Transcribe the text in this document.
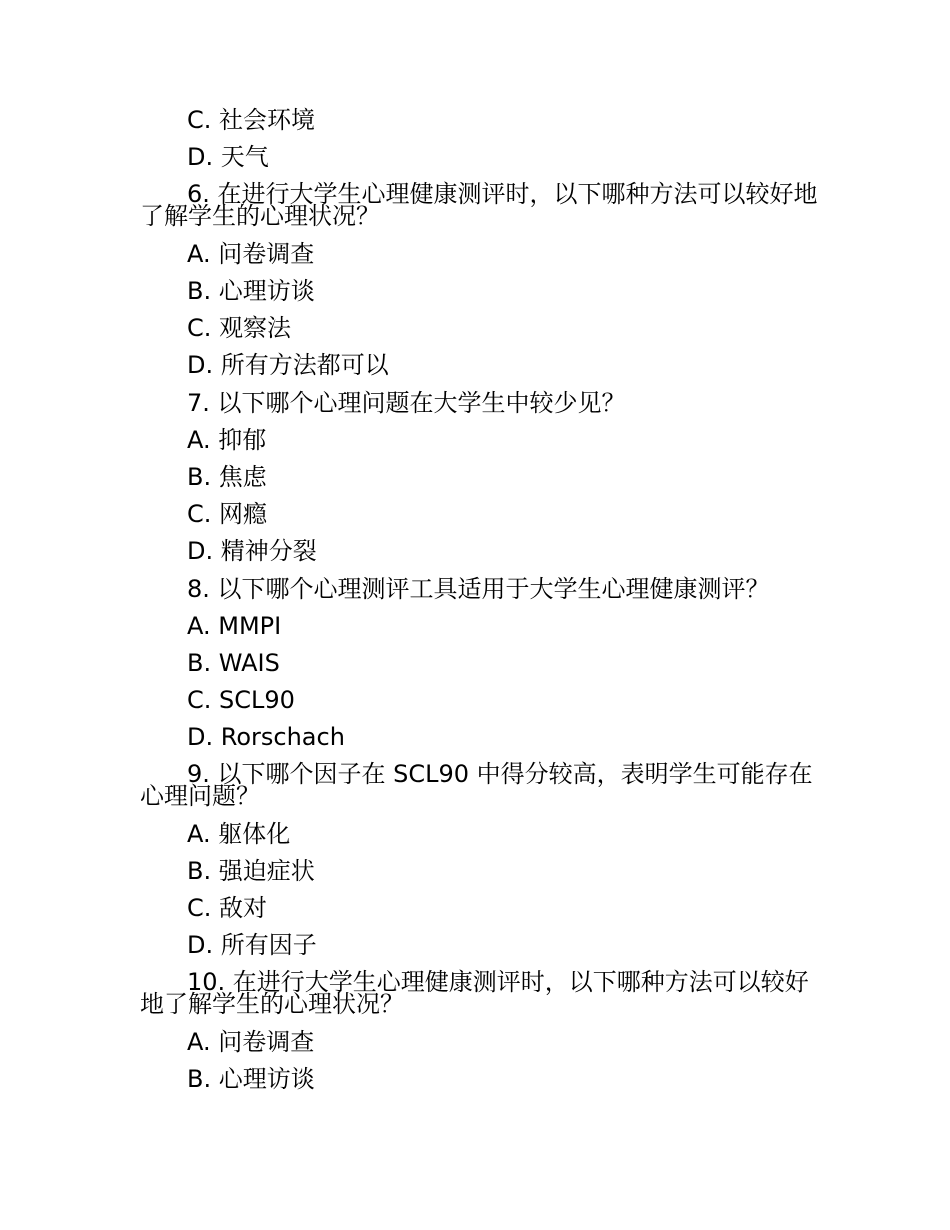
C. 社会环境
D. 天气
6. 在进行大学生心理健康测评时，以下哪种方法可以较好地了解学生的心理状况？
A. 问卷调查
B. 心理访谈
C. 观察法
D. 所有方法都可以
7. 以下哪个心理问题在大学生中较少见？
A. 抑郁
B. 焦虑
C. 网瘾
D. 精神分裂
8. 以下哪个心理测评工具适用于大学生心理健康测评？
A. MMPI
B. WAIS
C. SCL90
D. Rorschach
9. 以下哪个因子在 SCL90 中得分较高，表明学生可能存在心理问题？
A. 躯体化
B. 强迫症状
C. 敌对
D. 所有因子
10. 在进行大学生心理健康测评时，以下哪种方法可以较好地了解学生的心理状况？
A. 问卷调查
B. 心理访谈
